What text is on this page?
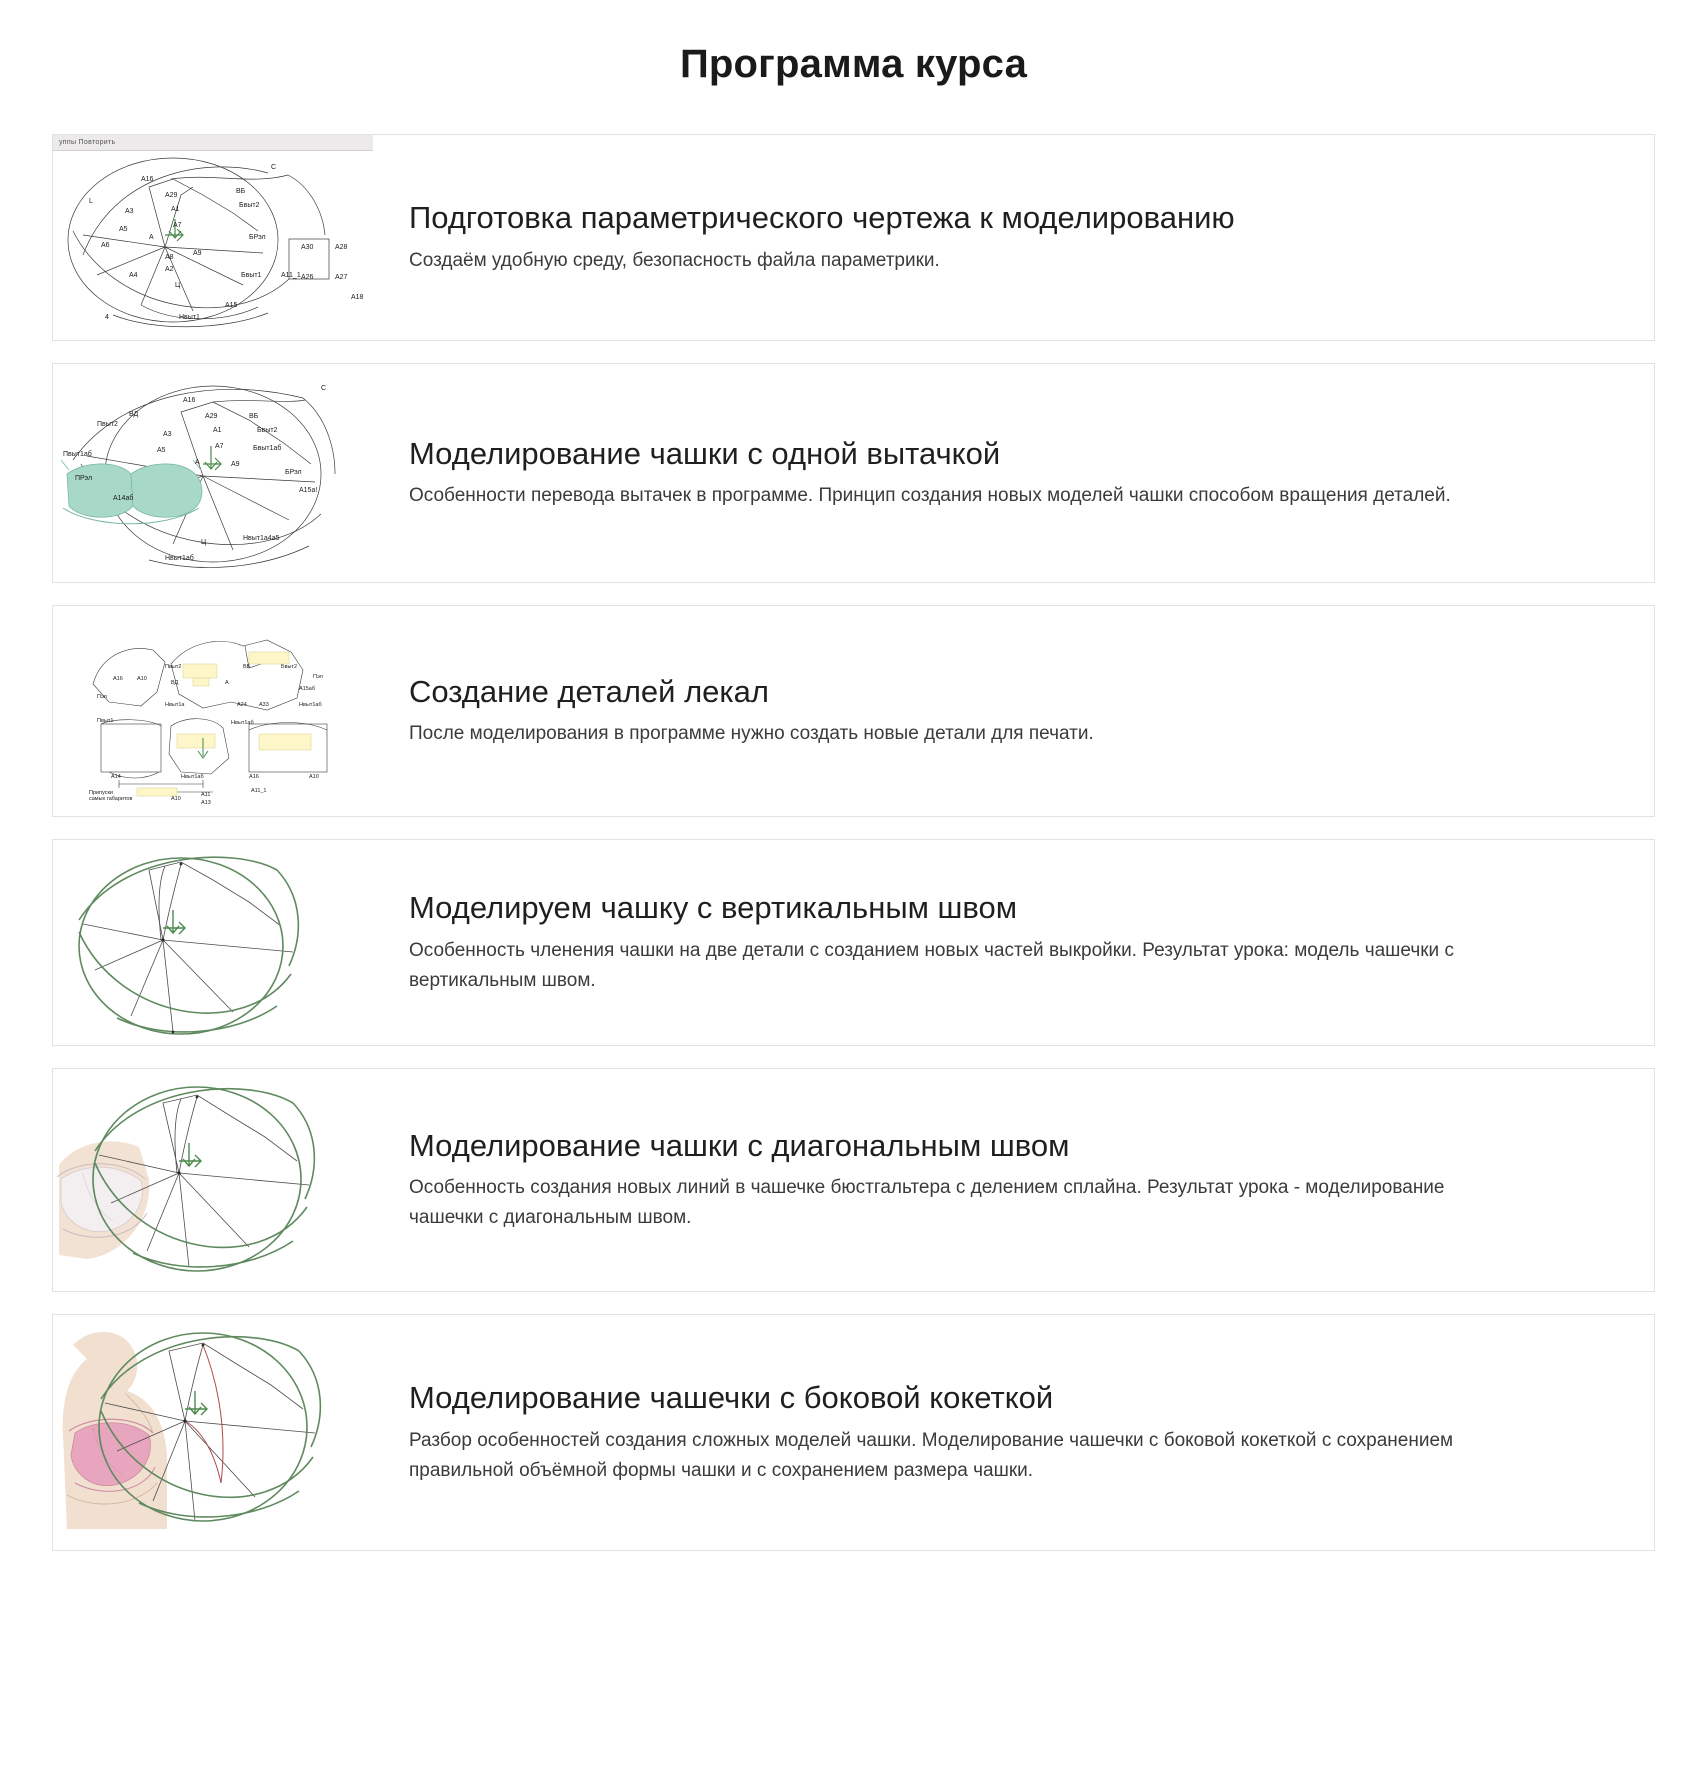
Программа курса
уппы Повторить
A16
A29
A1
A3
A5
A7
A6
A8
A9
A2
A4
Ц
A15
Нвыт1
4
ВБ
Бвыт2
БРэл
Бвыт1	A11_1 A26	A27
A30	A28
A18
C
A
L	Подготовка параметрического чертежа к моделированию

Создаём удобную среду, безопасность файла параметрики.

A16
A29
A1
A3
A5
A7
A9
A14аб
A15а!
ВД
Пвыт2
Пвыт1аб
ПРэл
ВБ
Бвыт2
Бвыт1аб
БРэл
Нвыт1а4а5
Нвыт1аб
Ц
С
А	Моделирование чашки с одной вытачкой

Особенности перевода вытачек в программе. Принцип создания новых моделей чашки способом вращения деталей.

A16	A10
Пвыт2	ВБ	Бвыт2
Пэл
Пэл
ВД	A
A15аб
Нвыт1а	A24 A33	Нвыт1аб
Пвыт1	Нвыт1аб
A14	Нвыт1аб	A16	A10
A11_1
Припуски
самых габаритов	A10
A11
A13
Создание деталей лекал

После моделирования в программе нужно создать новые детали для печати.

Моделируем чашку с вертикальным швом

Особенность членения чашки на две детали с созданием новых частей выкройки. Результат урока: модель чашечки с вертикальным швом.

Моделирование чашки с диагональным швом

Особенность создания новых линий в чашечке бюстгальтера с делением сплайна. Результат урока - моделирование чашечки с диагональным швом.

Моделирование чашечки с боковой кокеткой

Разбор особенностей создания сложных моделей чашки. Моделирование чашечки с боковой кокеткой с сохранением правильной объёмной формы чашки и с сохранением размера чашки.
